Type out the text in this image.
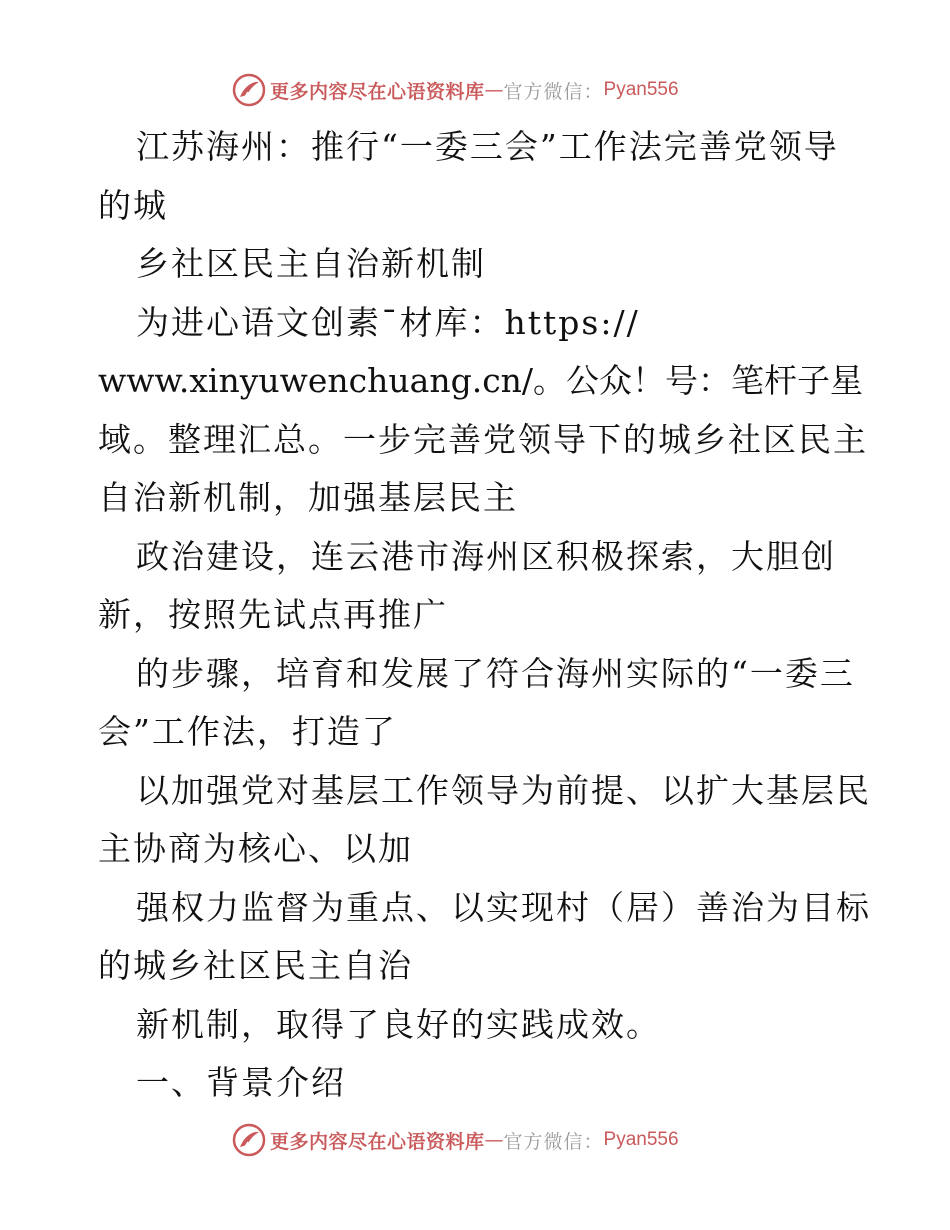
更多内容尽在心语资料库 — 官方微信： Pyan556
江苏海州：推行“一委三会”工作法完善党领导
的城
乡社区民主自治新机制
为进心语文创素¯材库：https://
www.xinyuwenchuang.cn/。公众！号：笔杆子星
域。整理汇总。一步完善党领导下的城乡社区民主
自治新机制，加强基层民主
政治建设，连云港市海州区积极探索，大胆创
新，按照先试点再推广
的步骤，培育和发展了符合海州实际的“一委三
会”工作法，打造了
以加强党对基层工作领导为前提、以扩大基层民
主协商为核心、以加
强权力监督为重点、以实现村（居）善治为目标
的城乡社区民主自治
新机制，取得了良好的实践成效。
一、背景介绍
更多内容尽在心语资料库 — 官方微信： Pyan556
